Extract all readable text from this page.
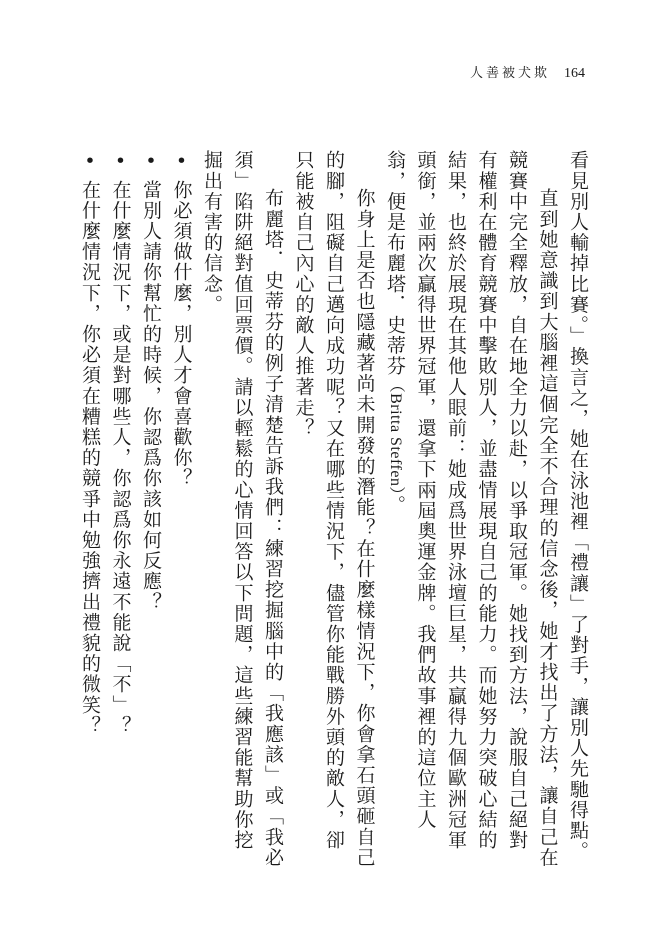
人善被犬欺 164

看見別人輸掉比賽。」換言之，她在泳池裡「禮讓」了對手，讓別人先馳得點。

直到她意識到大腦裡這個完全不合理的信念後，她才找出了方法，讓自己在競賽中完全釋放，自在地全力以赴，以爭取冠軍。她找到方法，說服自己絕對有權利在體育競賽中擊敗別人，並盡情展現自己的能力。而她努力突破心結的結果，也終於展現在其他人眼前：她成爲世界泳壇巨星，共贏得九個歐洲冠軍頭銜，並兩次贏得世界冠軍，還拿下兩屆奧運金牌。我們故事裡的這位主人翁，便是布麗塔．史蒂芬（Britta Steffen）。

你身上是否也隱藏著尚未開發的潛能？在什麼樣情況下，你會拿石頭砸自己的腳，阻礙自己邁向成功呢？又在哪些情況下，儘管你能戰勝外頭的敵人，卻只能被自己內心的敵人推著走？

布麗塔．史蒂芬的例子清楚告訴我們：練習挖掘腦中的「我應該」或「我必須」陷阱絕對值回票價。請以輕鬆的心情回答以下問題，這些練習能幫助你挖掘出有害的信念。

•你必須做什麼，別人才會喜歡你？
•當別人請你幫忙的時候，你認爲你該如何反應？
•在什麼情況下，或是對哪些人，你認爲你永遠不能說「不」？
•在什麼情況下，你必須在糟糕的競爭中勉強擠出禮貌的微笑？
